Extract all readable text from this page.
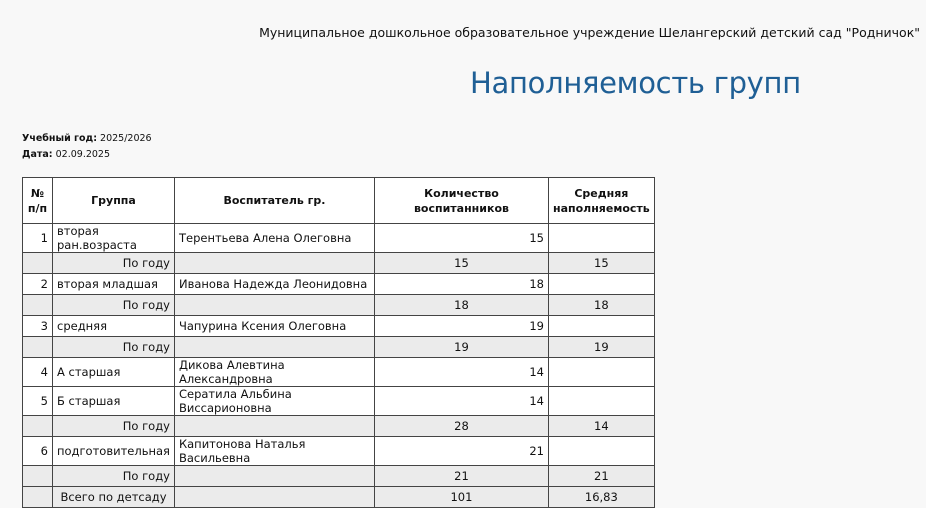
Муниципальное дошкольное образовательное учреждение Шелангерский детский сад "Родничок"
Наполняемость групп
Учебный год: 2025/2026
Дата: 02.09.2025
№ п/п	Группа	Воспитатель гр.	Количество воспитанников	Средняя наполняемость
1	вторая ран.возраста	Терентьева Алена Олеговна	15	
	По году		15	15
2	вторая младшая	Иванова Надежда Леонидовна	18	
	По году		18	18
3	средняя	Чапурина Ксения Олеговна	19	
	По году		19	19
4	А старшая	Дикова Алевтина Александровна	14	
5	Б старшая	Сератила Альбина Виссарионовна	14	
	По году		28	14
6	подготовительная	Капитонова Наталья Васильевна	21	
	По году		21	21
	Всего по детсаду		101	16,83
